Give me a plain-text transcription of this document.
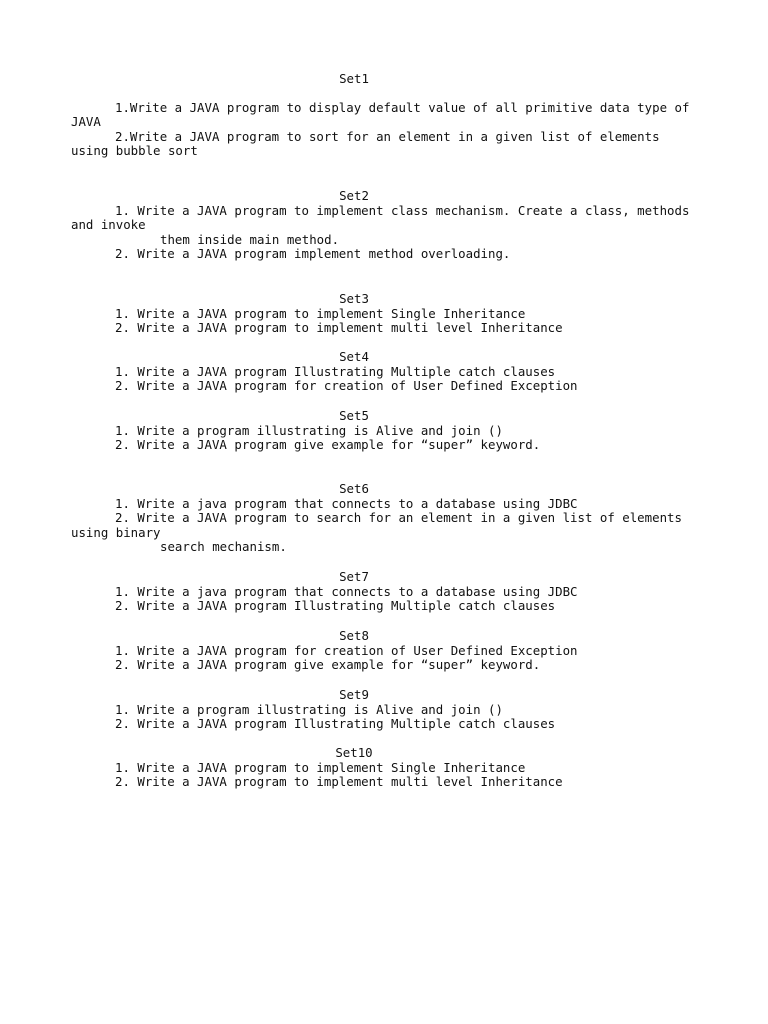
Set1
1.Write a JAVA program to display default value of all primitive data type of
JAVA
2.Write a JAVA program to sort for an element in a given list of elements
using bubble sort
Set2
1. Write a JAVA program to implement class mechanism. Create a class, methods
and invoke
them inside main method.
2. Write a JAVA program implement method overloading.
Set3
1. Write a JAVA program to implement Single Inheritance
2. Write a JAVA program to implement multi level Inheritance
Set4
1. Write a JAVA program Illustrating Multiple catch clauses
2. Write a JAVA program for creation of User Defined Exception
Set5
1. Write a program illustrating is Alive and join ()
2. Write a JAVA program give example for “super” keyword.
Set6
1. Write a java program that connects to a database using JDBC
2. Write a JAVA program to search for an element in a given list of elements
using binary
search mechanism.
Set7
1. Write a java program that connects to a database using JDBC
2. Write a JAVA program Illustrating Multiple catch clauses
Set8
1. Write a JAVA program for creation of User Defined Exception
2. Write a JAVA program give example for “super” keyword.
Set9
1. Write a program illustrating is Alive and join ()
2. Write a JAVA program Illustrating Multiple catch clauses
Set10
1. Write a JAVA program to implement Single Inheritance
2. Write a JAVA program to implement multi level Inheritance
